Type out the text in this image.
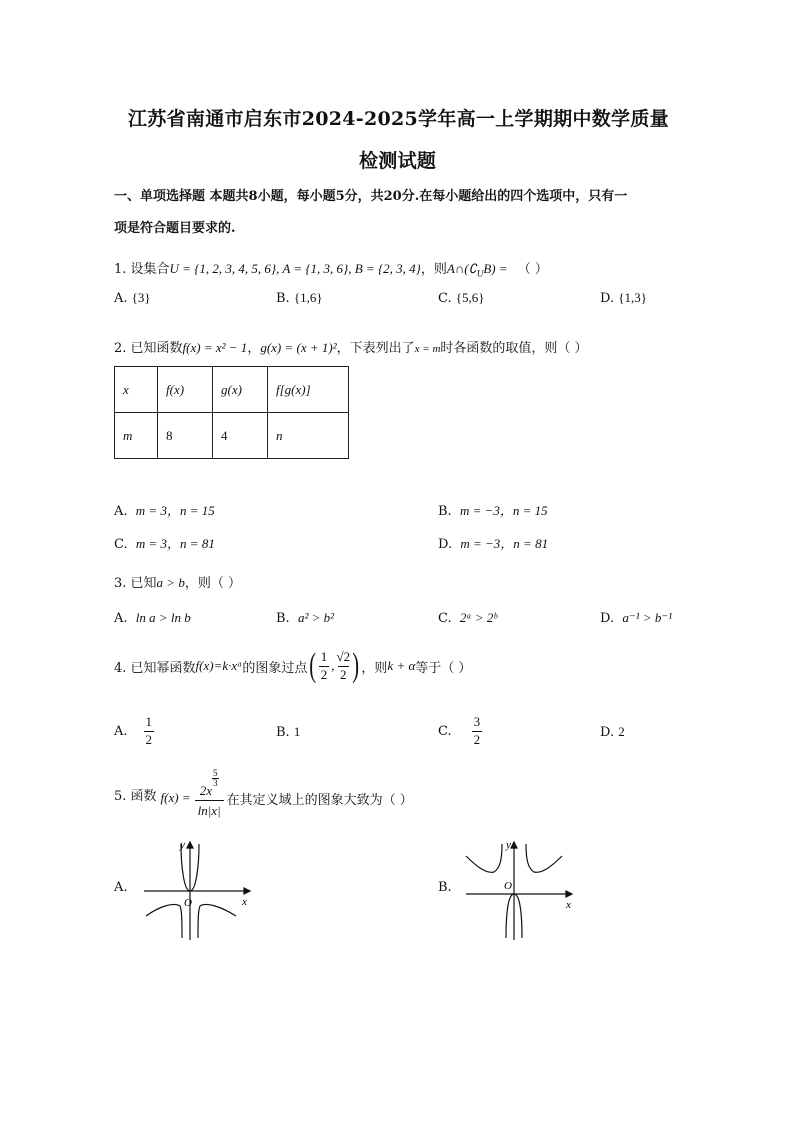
江苏省南通市启东市2024-2025学年高一上学期期中数学质量
检测试题
一、单项选择题 本题共8小题，每小题5分，共20分.在每小题给出的四个选项中，只有一
项是符合题目要求的.
1. 设集合U = {1, 2, 3, 4, 5, 6}, A = {1, 3, 6}, B = {2, 3, 4}，则$A\cap(∁_UB)$ = （ ）
A. {3}	B. {1,6}	C. {5,6}	D. {1,3}
2. 已知函数f(x) = x² − 1，g(x) = (x + 1)²，下表列出了x = m时各函数的取值，则（ ）
x	f(x)	g(x)	f[g(x)]
m	8	4	n
A. m = 3，n = 15	B. m = −3，n = 15
C. m = 3，n = 81	D. m = −3，n = 81
3. 已知a > b，则（ ）
A. ln a > ln b	B. a² > b²	C. 2ᵃ > 2ᵇ	D. a⁻¹ > b⁻¹
4. 已知幂函数 f(x)=k·xᵅ 的图象过点 ( $\frac{1}{2}$ , $\frac{√2}{2}$ ) ，则 k + α 等于（ ）
A. $\frac{1}{2}$	B. 1	C. $\frac{3}{2}$	D. 2
5. 函数 f(x) = 2x
$\frac{5}{3}$
ln|x| 在其定义域上的图象大致为（ ）
A.
O	x
y
B.	O
x
y
